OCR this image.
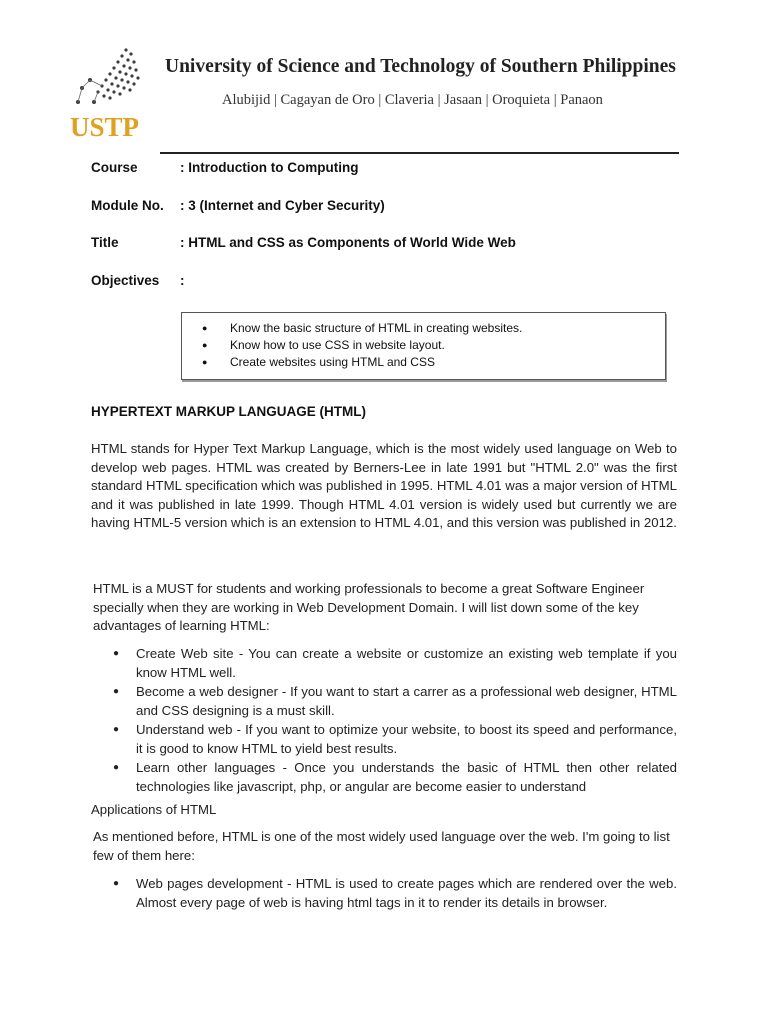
USTP
University of Science and Technology of Southern Philippines
Alubijid | Cagayan de Oro | Claveria | Jasaan | Oroquieta | Panaon
Course	: Introduction to Computing
Module No. : 3 (Internet and Cyber Security)
Title	: HTML and CSS as Components of World Wide Web
Objectives :
● Know the basic structure of HTML in creating websites.
● Know how to use CSS in website layout.
● Create websites using HTML and CSS
HYPERTEXT MARKUP LANGUAGE (HTML)
HTML stands for Hyper Text Markup Language, which is the most widely used language on Web to develop web pages. HTML was created by Berners-Lee in late 1991 but "HTML 2.0" was the first standard HTML specification which was published in 1995. HTML 4.01 was a major version of HTML and it was published in late 1999. Though HTML 4.01 version is widely used but currently we are having HTML-5 version which is an extension to HTML 4.01, and this version was published in 2012.
HTML is a MUST for students and working professionals to become a great Software Engineer specially when they are working in Web Development Domain. I will list down some of the key advantages of learning HTML:
● Create Web site - You can create a website or customize an existing web template if you know HTML well.
● Become a web designer - If you want to start a carrer as a professional web designer, HTML and CSS designing is a must skill.
● Understand web - If you want to optimize your website, to boost its speed and performance, it is good to know HTML to yield best results.
● Learn other languages - Once you understands the basic of HTML then other related technologies like javascript, php, or angular are become easier to understand
Applications of HTML
As mentioned before, HTML is one of the most widely used language over the web. I'm going to list few of them here:
● Web pages development - HTML is used to create pages which are rendered over the web. Almost every page of web is having html tags in it to render its details in browser.
